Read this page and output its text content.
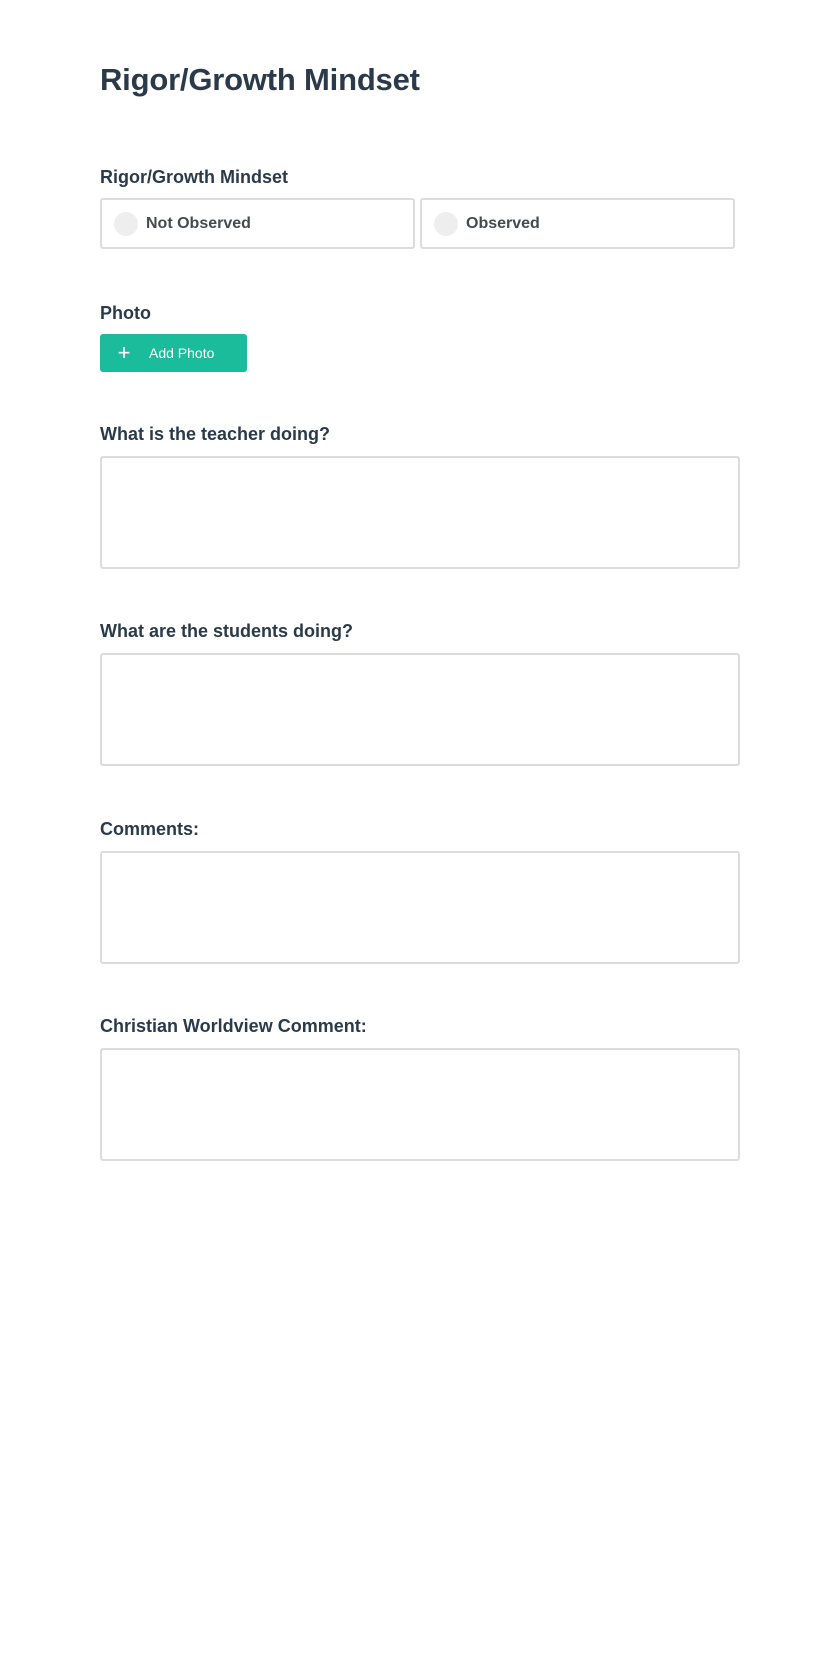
Rigor/Growth Mindset
Rigor/Growth Mindset
Not Observed	Observed
Photo
+ Add Photo
What is the teacher doing?
What are the students doing?
Comments:
Christian Worldview Comment:
